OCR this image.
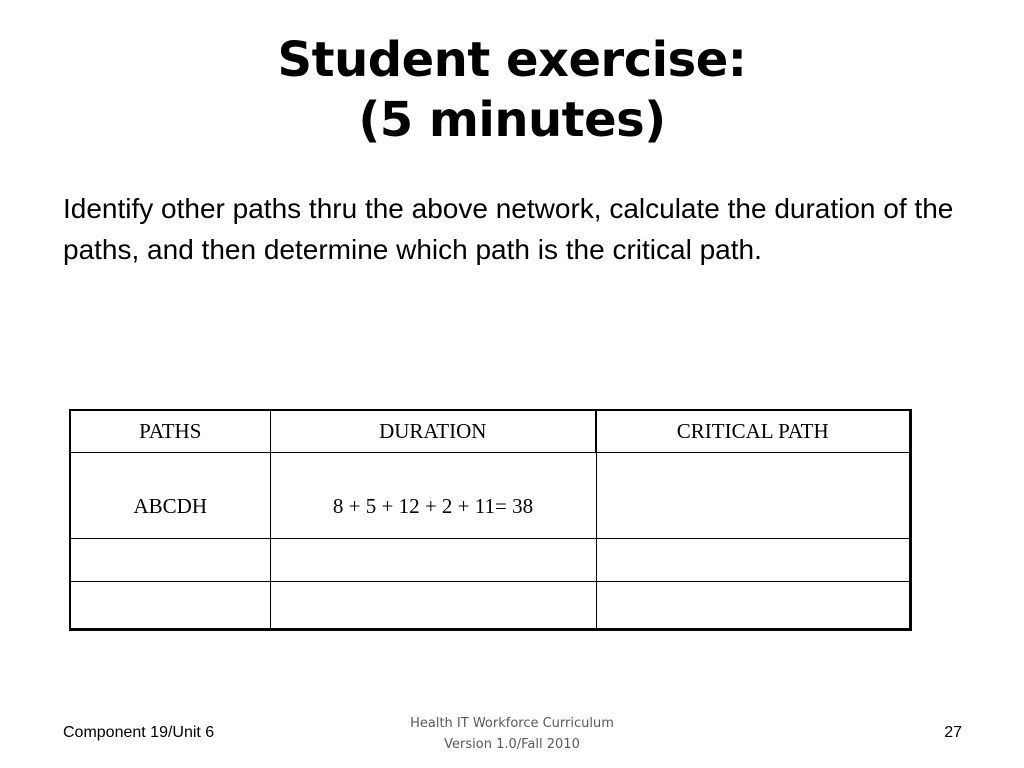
Student exercise:
(5 minutes)
Identify other paths thru the above network, calculate the duration of the paths, and then determine which path is the critical path.
PATHS	DURATION	CRITICAL PATH
ABCDH	8 + 5 + 12 + 2 + 11= 38	

Component 19/Unit 6
Health IT Workforce Curriculum
Version 1.0/Fall 2010
27
